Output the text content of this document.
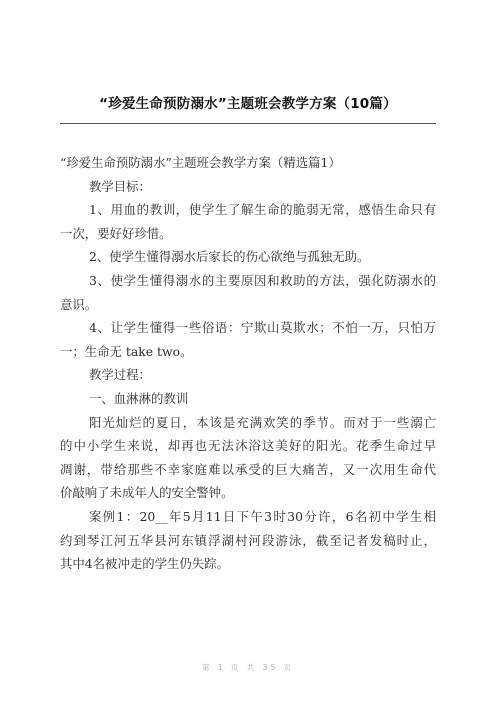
“珍爱生命预防溺水”主题班会教学方案（10篇）
“珍爱生命预防溺水”主题班会教学方案（精选篇1）
教学目标：
1、用血的教训，使学生了解生命的脆弱无常，感悟生命只有
一次，要好好珍惜。
2、使学生懂得溺水后家长的伤心欲绝与孤独无助。
3、使学生懂得溺水的主要原因和救助的方法，强化防溺水的
意识。
4、让学生懂得一些俗语：宁欺山莫欺水；不怕一万，只怕万
一；生命无 take two。
教学过程：
一、血淋淋的教训
阳光灿烂的夏日，本该是充满欢笑的季节。而对于一些溺亡
的中小学生来说，却再也无法沐浴这美好的阳光。花季生命过早
凋谢，带给那些不幸家庭难以承受的巨大痛苦，又一次用生命代
价敲响了未成年人的安全警钟。
案例1：20__年5月11日下午3时30分许，6名初中学生相
约到琴江河五华县河东镇浮湖村河段游泳，截至记者发稿时止，
其中4名被冲走的学生仍失踪。
第 1 页 共 35 页
